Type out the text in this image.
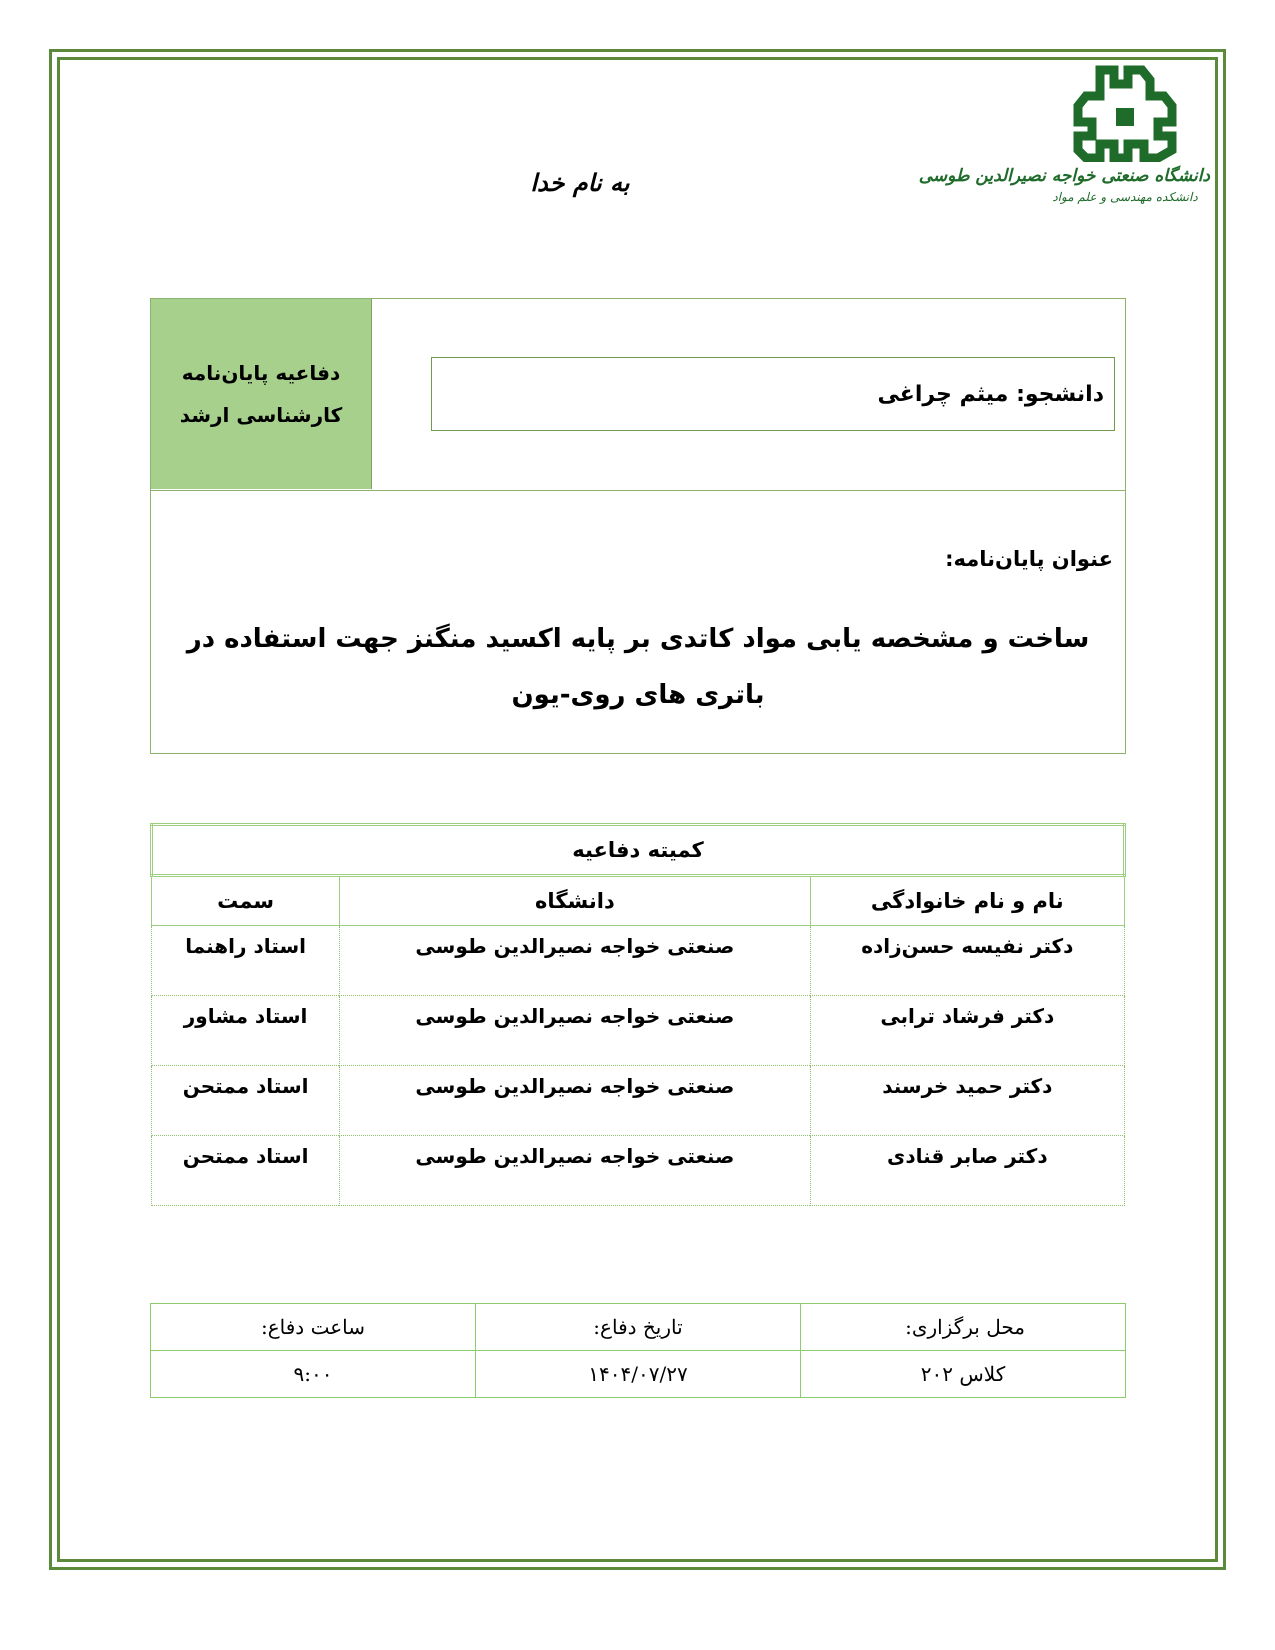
دانشگاه صنعتی خواجه نصیرالدین طوسی
دانشکده مهندسی و علم مواد
به نام خدا
دفاعیه پایان‌نامه
کارشناسی ارشد
دانشجو: میثم چراغی
عنوان پایان‌نامه:
ساخت و مشخصه یابی مواد کاتدی بر پایه اکسید منگنز جهت استفاده در باتری های روی-یون
کمیته دفاعیه		
نام و نام خانوادگی	دانشگاه	سمت
دکتر نفیسه حسن‌زاده	صنعتی خواجه نصیرالدین طوسی	استاد راهنما
دکتر فرشاد ترابی	صنعتی خواجه نصیرالدین طوسی	استاد مشاور
دکتر حمید خرسند	صنعتی خواجه نصیرالدین طوسی	استاد ممتحن
دکتر صابر قنادی	صنعتی خواجه نصیرالدین طوسی	استاد ممتحن
محل برگزاری:	تاریخ دفاع:	ساعت دفاع:
کلاس ۲۰۲	۱۴۰۴/۰۷/۲۷	۹:۰۰
